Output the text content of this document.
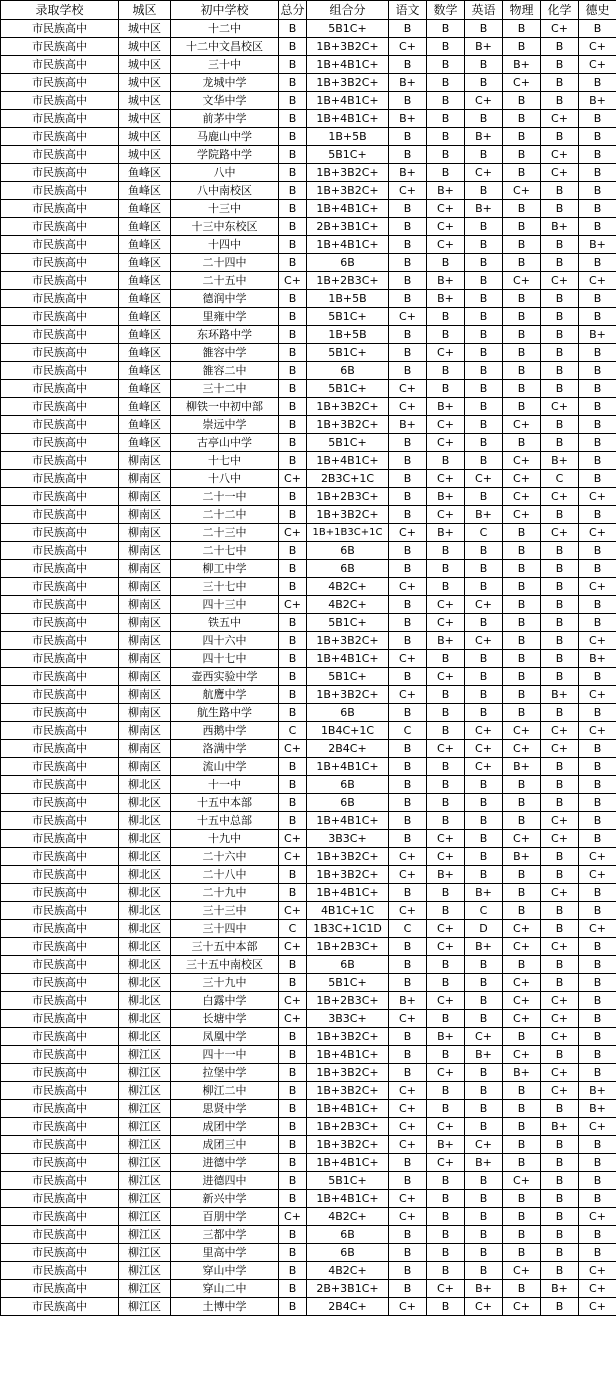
录取学校	城区	初中学校	总分	组合分	语文	数学	英语	物理	化学	德史
市民族高中	城中区	十二中	B	5B1C+	B	B	B	B	C+	B
市民族高中	城中区	十二中文昌校区	B	1B+3B2C+	C+	B	B+	B	B	C+
市民族高中	城中区	三十中	B	1B+4B1C+	B	B	B	B+	B	C+
市民族高中	城中区	龙城中学	B	1B+3B2C+	B+	B	B	C+	B	B
市民族高中	城中区	文华中学	B	1B+4B1C+	B	B	C+	B	B	B+
市民族高中	城中区	前茅中学	B	1B+4B1C+	B+	B	B	B	C+	B
市民族高中	城中区	马鹿山中学	B	1B+5B	B	B	B+	B	B	B
市民族高中	城中区	学院路中学	B	5B1C+	B	B	B	B	C+	B
市民族高中	鱼峰区	八中	B	1B+3B2C+	B+	B	C+	B	C+	B
市民族高中	鱼峰区	八中南校区	B	1B+3B2C+	C+	B+	B	C+	B	B
市民族高中	鱼峰区	十三中	B	1B+4B1C+	B	C+	B+	B	B	B
市民族高中	鱼峰区	十三中东校区	B	2B+3B1C+	B	C+	B	B	B+	B
市民族高中	鱼峰区	十四中	B	1B+4B1C+	B	C+	B	B	B	B+
市民族高中	鱼峰区	二十四中	B	6B	B	B	B	B	B	B
市民族高中	鱼峰区	二十五中	C+	1B+2B3C+	B	B+	B	C+	C+	C+
市民族高中	鱼峰区	德润中学	B	1B+5B	B	B+	B	B	B	B
市民族高中	鱼峰区	里雍中学	B	5B1C+	C+	B	B	B	B	B
市民族高中	鱼峰区	东环路中学	B	1B+5B	B	B	B	B	B	B+
市民族高中	鱼峰区	雒容中学	B	5B1C+	B	C+	B	B	B	B
市民族高中	鱼峰区	雒容二中	B	6B	B	B	B	B	B	B
市民族高中	鱼峰区	三十二中	B	5B1C+	C+	B	B	B	B	B
市民族高中	鱼峰区	柳铁一中初中部	B	1B+3B2C+	C+	B+	B	B	C+	B
市民族高中	鱼峰区	崇远中学	B	1B+3B2C+	B+	C+	B	C+	B	B
市民族高中	鱼峰区	古亭山中学	B	5B1C+	B	C+	B	B	B	B
市民族高中	柳南区	十七中	B	1B+4B1C+	B	B	B	C+	B+	B
市民族高中	柳南区	十八中	C+	2B3C+1C	B	C+	C+	C+	C	B
市民族高中	柳南区	二十一中	B	1B+2B3C+	B	B+	B	C+	C+	C+
市民族高中	柳南区	二十二中	B	1B+3B2C+	B	C+	B+	C+	B	B
市民族高中	柳南区	二十三中	C+	1B+1B3C+1C	C+	B+	C	B	C+	C+
市民族高中	柳南区	二十七中	B	6B	B	B	B	B	B	B
市民族高中	柳南区	柳工中学	B	6B	B	B	B	B	B	B
市民族高中	柳南区	三十七中	B	4B2C+	C+	B	B	B	B	C+
市民族高中	柳南区	四十三中	C+	4B2C+	B	C+	C+	B	B	B
市民族高中	柳南区	铁五中	B	5B1C+	B	C+	B	B	B	B
市民族高中	柳南区	四十六中	B	1B+3B2C+	B	B+	C+	B	B	C+
市民族高中	柳南区	四十七中	B	1B+4B1C+	C+	B	B	B	B	B+
市民族高中	柳南区	壶西实验中学	B	5B1C+	B	C+	B	B	B	B
市民族高中	柳南区	航鹰中学	B	1B+3B2C+	C+	B	B	B	B+	C+
市民族高中	柳南区	航生路中学	B	6B	B	B	B	B	B	B
市民族高中	柳南区	西鹅中学	C	1B4C+1C	C	B	C+	C+	C+	C+
市民族高中	柳南区	洛满中学	C+	2B4C+	B	C+	C+	C+	C+	B
市民族高中	柳南区	流山中学	B	1B+4B1C+	B	B	C+	B+	B	B
市民族高中	柳北区	十一中	B	6B	B	B	B	B	B	B
市民族高中	柳北区	十五中本部	B	6B	B	B	B	B	B	B
市民族高中	柳北区	十五中总部	B	1B+4B1C+	B	B	B	B	C+	B
市民族高中	柳北区	十九中	C+	3B3C+	B	C+	B	C+	C+	B
市民族高中	柳北区	二十六中	C+	1B+3B2C+	C+	C+	B	B+	B	C+
市民族高中	柳北区	二十八中	B	1B+3B2C+	C+	B+	B	B	B	C+
市民族高中	柳北区	二十九中	B	1B+4B1C+	B	B	B+	B	C+	B
市民族高中	柳北区	三十三中	C+	4B1C+1C	C+	B	C	B	B	B
市民族高中	柳北区	三十四中	C	1B3C+1C1D	C	C+	D	C+	B	C+
市民族高中	柳北区	三十五中本部	C+	1B+2B3C+	B	C+	B+	C+	C+	B
市民族高中	柳北区	三十五中南校区	B	6B	B	B	B	B	B	B
市民族高中	柳北区	三十九中	B	5B1C+	B	B	B	C+	B	B
市民族高中	柳北区	白露中学	C+	1B+2B3C+	B+	C+	B	C+	C+	B
市民族高中	柳北区	长塘中学	C+	3B3C+	C+	B	B	C+	C+	B
市民族高中	柳北区	凤凰中学	B	1B+3B2C+	B	B+	C+	B	C+	B
市民族高中	柳江区	四十一中	B	1B+4B1C+	B	B	B+	C+	B	B
市民族高中	柳江区	拉堡中学	B	1B+3B2C+	B	C+	B	B+	C+	B
市民族高中	柳江区	柳江二中	B	1B+3B2C+	C+	B	B	B	C+	B+
市民族高中	柳江区	思贤中学	B	1B+4B1C+	C+	B	B	B	B	B+
市民族高中	柳江区	成团中学	B	1B+2B3C+	C+	C+	B	B	B+	C+
市民族高中	柳江区	成团三中	B	1B+3B2C+	C+	B+	C+	B	B	B
市民族高中	柳江区	进德中学	B	1B+4B1C+	B	C+	B+	B	B	B
市民族高中	柳江区	进德四中	B	5B1C+	B	B	B	C+	B	B
市民族高中	柳江区	新兴中学	B	1B+4B1C+	C+	B	B	B	B	B
市民族高中	柳江区	百朋中学	C+	4B2C+	C+	B	B	B	B	C+
市民族高中	柳江区	三都中学	B	6B	B	B	B	B	B	B
市民族高中	柳江区	里高中学	B	6B	B	B	B	B	B	B
市民族高中	柳江区	穿山中学	B	4B2C+	B	B	B	C+	B	C+
市民族高中	柳江区	穿山二中	B	2B+3B1C+	B	C+	B+	B	B+	C+
市民族高中	柳江区	土博中学	B	2B4C+	C+	B	C+	C+	B	C+
